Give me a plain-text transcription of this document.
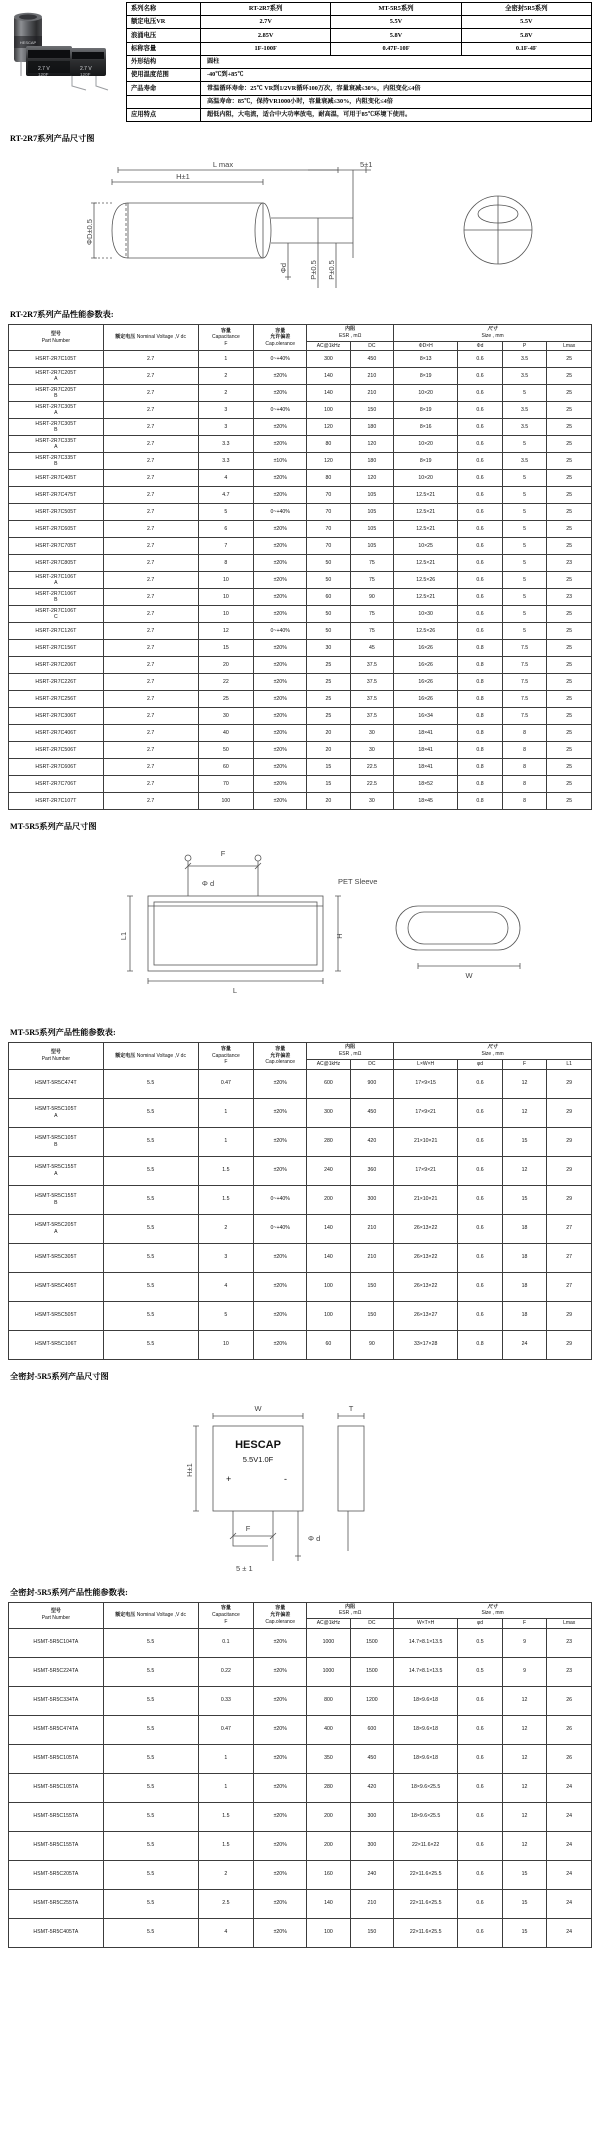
HESCAP
2.7 V
120F
2.7 V
120F
系列名称	RT-2R7系列	MT-5R5系列	全密封5R5系列
额定电压VR	2.7V	5.5V	5.5V
浪涌电压	2.85V	5.8V	5.8V
标称容量	1F-100F	0.47F-10F	0.1F-4F
外形结构	圆柱		
使用温度范围	-40℃到+85℃		
产品寿命	常温循环寿命：25℃ VR到1/2VR循环100万次，容量衰减≤30%，内阻变化≤4倍		
	高温寿命：85℃，保持VR1000小时，容量衰减≤30%，内阻变化≤4倍		
应用特点	超低内阻，大电流，适合中大功率放电，耐高温，可用于85℃环境下使用。		
RT-2R7系列产品尺寸图
H±1
L max	5±1
ΦD±0.5
Φd	P±0.5 P±0.5
RT-2R7系列产品性能参数表:
型号
Part Number	额定电压 Nominal Voltage ,V dc	容量
Capacitance
F	容量
允许偏差
Cap.olerance	内阻
ESR , mΩ		尺寸
Size , mm			
				AC@1kHz	DC	ΦD×H	Φd	P	Lmax
HSRT-2R7C105T	2.7	1	0~+40%	300	450	8×13	0.6	3.5	25
HSRT-2R7C205T
A	2.7	2	±20%	140	210	8×19	0.6	3.5	25
HSRT-2R7C205T
B	2.7	2	±20%	140	210	10×20	0.6	5	25
HSRT-2R7C305T
A	2.7	3	0~+40%	100	150	8×19	0.6	3.5	25
HSRT-2R7C305T
B	2.7	3	±20%	120	180	8×16	0.6	3.5	25
HSRT-2R7C335T
A	2.7	3.3	±20%	80	120	10×20	0.6	5	25
HSRT-2R7C335T
B	2.7	3.3	±10%	120	180	8×19	0.6	3.5	25
HSRT-2R7C405T	2.7	4	±20%	80	120	10×20	0.6	5	25
HSRT-2R7C475T	2.7	4.7	±20%	70	105	12.5×21	0.6	5	25
HSRT-2R7C505T	2.7	5	0~+40%	70	105	12.5×21	0.6	5	25
HSRT-2R7C605T	2.7	6	±20%	70	105	12.5×21	0.6	5	25
HSRT-2R7C705T	2.7	7	±20%	70	105	10×25	0.6	5	25
HSRT-2R7C805T	2.7	8	±20%	50	75	12.5×21	0.6	5	23
HSRT-2R7C106T
A	2.7	10	±20%	50	75	12.5×26	0.6	5	25
HSRT-2R7C106T
B	2.7	10	±20%	60	90	12.5×21	0.6	5	23
HSRT-2R7C106T
C	2.7	10	±20%	50	75	10×30	0.6	5	25
HSRT-2R7C126T	2.7	12	0~+40%	50	75	12.5×26	0.6	5	25
HSRT-2R7C156T	2.7	15	±20%	30	45	16×26	0.8	7.5	25
HSRT-2R7C206T	2.7	20	±20%	25	37.5	16×26	0.8	7.5	25
HSRT-2R7C226T	2.7	22	±20%	25	37.5	16×26	0.8	7.5	25
HSRT-2R7C256T	2.7	25	±20%	25	37.5	16×26	0.8	7.5	25
HSRT-2R7C306T	2.7	30	±20%	25	37.5	16×34	0.8	7.5	25
HSRT-2R7C406T	2.7	40	±20%	20	30	18×41	0.8	8	25
HSRT-2R7C506T	2.7	50	±20%	20	30	18×41	0.8	8	25
HSRT-2R7C606T	2.7	60	±20%	15	22.5	18×41	0.8	8	25
HSRT-2R7C706T	2.7	70	±20%	15	22.5	18×52	0.8	8	25
HSRT-2R7C107T	2.7	100	±20%	20	30	18×45	0.8	8	25
MT-5R5系列产品尺寸图
F
Φ d
L1	H
L
PET Sleeve
W
MT-5R5系列产品性能参数表:
型号
Part Number	额定电压 Nominal Voltage ,V dc	容量
Capacitance
F	容量
允许偏差
Cap.olerance	内阻
ESR , mΩ		尺寸
Size , mm			
				AC@1kHz	DC	L×W×H	φd	F	L1
HSMT-5R5C474T	5.5	0.47	±20%	600	900	17×9×15	0.6	12	29
HSMT-5R5C105T
A	5.5	1	±20%	300	450	17×9×21	0.6	12	29
HSMT-5R5C105T
B	5.5	1	±20%	280	420	21×10×21	0.6	15	29
HSMT-5R5C155T
A	5.5	1.5	±20%	240	360	17×9×21	0.6	12	29
HSMT-5R5C155T
B	5.5	1.5	0~+40%	200	300	21×10×21	0.6	15	29
HSMT-5R5C205T
A	5.5	2	0~+40%	140	210	26×13×22	0.6	18	27
HSMT-5R5C305T	5.5	3	±20%	140	210	26×13×22	0.6	18	27
HSMT-5R5C405T	5.5	4	±20%	100	150	26×13×22	0.6	18	27
HSMT-5R5C505T	5.5	5	±20%	100	150	26×13×27	0.6	18	29
HSMT-5R5C106T	5.5	10	±20%	60	90	33×17×28	0.8	24	29
全密封-5R5系列产品尺寸图
W	T
HESCAP
5.5V1.0F
+	-
H±1
F
Φ d
5 ± 1
全密封-5R5系列产品性能参数表:
型号
Part Number	额定电压 Nominal Voltage ,V dc	容量
Capacitance
F	容量
允许偏差
Cap.olerance	内阻
ESR , mΩ		尺寸
Size , mm			
				AC@1kHz	DC	W×T×H	φd	F	Lmax
HSMT-5R5C104TA	5.5	0.1	±20%	1000	1500	14.7×8.1×13.5	0.5	9	23
HSMT-5R5C224TA	5.5	0.22	±20%	1000	1500	14.7×8.1×13.5	0.5	9	23
HSMT-5R5C334TA	5.5	0.33	±20%	800	1200	18×9.6×18	0.6	12	26
HSMT-5R5C474TA	5.5	0.47	±20%	400	600	18×9.6×18	0.6	12	26
HSMT-5R5C105TA	5.5	1	±20%	350	450	18×9.6×18	0.6	12	26
HSMT-5R5C105TA	5.5	1	±20%	280	420	18×9.6×25.5	0.6	12	24
HSMT-5R5C155TA	5.5	1.5	±20%	200	300	18×9.6×25.5	0.6	12	24
HSMT-5R5C155TA	5.5	1.5	±20%	200	300	22×11.6×22	0.6	12	24
HSMT-5R5C205TA	5.5	2	±20%	160	240	22×11.6×25.5	0.6	15	24
HSMT-5R5C255TA	5.5	2.5	±20%	140	210	22×11.6×25.5	0.6	15	24
HSMT-5R5C405TA	5.5	4	±20%	100	150	22×11.6×25.5	0.6	15	24
